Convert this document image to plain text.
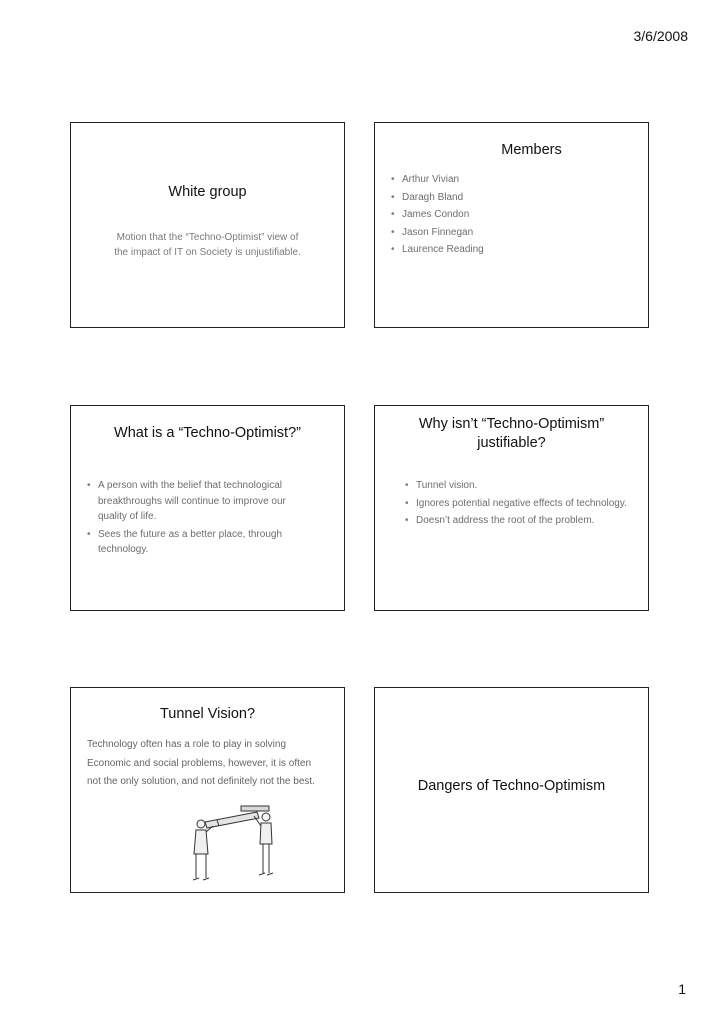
3/6/2008
White group
Motion that the “Techno-Optimist” view of the impact of IT on Society is unjustifiable.
Members
• Arthur Vivian
• Daragh Bland
• James Condon
• Jason Finnegan
• Laurence Reading
What is a “Techno-Optimist?”
• A person with the belief that technological breakthroughs will continue to improve our quality of life.
• Sees the future as a better place, through technology.
Why isn’t “Techno-Optimism” justifiable?
• Tunnel vision.
• Ignores potential negative effects of technology.
• Doesn’t address the root of the problem.
Tunnel Vision?
Technology often has a role to play in solving Economic and social problems, however, it is often not the only solution, and not definitely not the best.	Dangers of Techno-Optimism
1
